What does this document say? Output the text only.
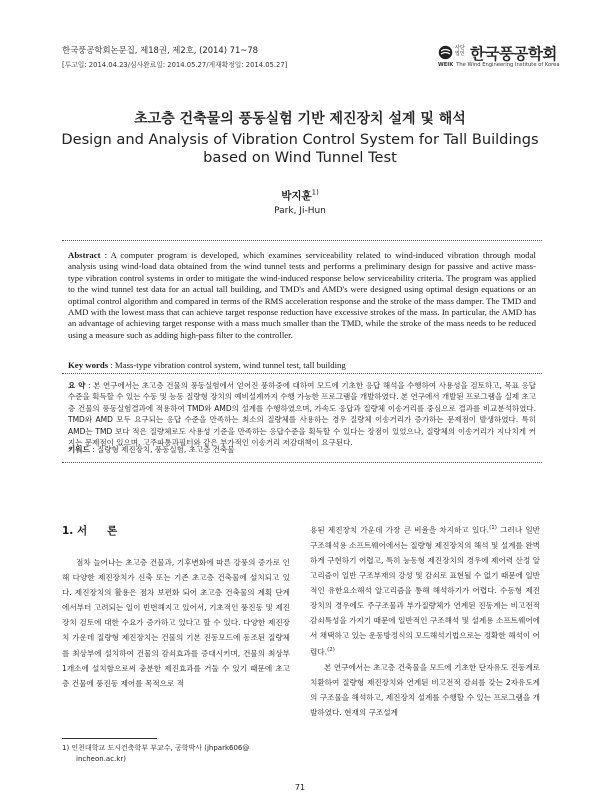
한국풍공학회논문집, 제18권, 제2호, (2014) 71~78
[투고일: 2014.04.23/심사완료일: 2014.05.27/게재확정일: 2014.05.27]
사단법인 한국풍공학회
WEIK The Wind Engineering Institute of Korea
초고층 건축물의 풍동실험 기반 제진장치 설계 및 해석
Design and Analysis of Vibration Control System for Tall Buildings based on Wind Tunnel Test
박지훈$^{1)}$
Park, Ji-Hun
Abstract : A computer program is developed, which examines serviceability related to wind-induced vibration through modal analysis using wind-load data obtained from the wind tunnel tests and performs a preliminary design for passive and active mass-type vibration control systems in order to mitigate the wind-induced response below serviceability criteria. The program was applied to the wind tunnel test data for an actual tall building, and TMD's and AMD's were designed using optimal design equations or an optimal control algorithm and compared in terms of the RMS acceleration response and the stroke of the mass damper. The TMD and AMD with the lowest mass that can achieve target response reduction have excessive strokes of the mass. In particular, the AMD has an advantage of achieving target response with a mass much smaller than the TMD, while the stroke of the mass needs to be reduced using a measure such as adding high-pass filter to the controller.
Key words : Mass-type vibration control system, wind tunnel test, tall building
요 약 : 본 연구에서는 초고층 건물의 풍동실험에서 얻어진 풍하중에 대하여 모드에 기초한 응답 해석을 수행하여 사용성을 검토하고, 목표 응답수준을 획득할 수 있는 수동 및 능동 질량형 장치의 예비설계까지 수행 가능한 프로그램을 개발하였다. 본 연구에서 개발된 프로그램을 실제 초고층 건물의 풍동실험결과에 적용하여 TMD와 AMD의 설계를 수행하였으며, 가속도 응답과 질량체 이송거리를 중심으로 결과를 비교분석하였다. TMD와 AMD 모두 요구되는 응답 수준을 만족하는 최소의 질량체를 사용하는 경우 질량체 이송거리가 증가하는 문제점이 발생하였다. 특히 AMD는 TMD 보다 적은 질량체로도 사용성 기준을 만족하는 응답수준을 획득할 수 있다는 장점이 있었으나, 질량체의 이송거리가 지나치게 커지는 문제점이 있으며, 고주파통과필터와 같은 부가적인 이송거리 저감대책이 요구된다.
키워드 : 질량형 제진장치, 풍동실험, 초고층 건축물
1. 서 론
점차 늘어나는 초고층 건물과, 기후변화에 따른 강풍의 증가로 인해 다양한 제진장치가 신축 또는 기존 초고층 건축물에 설치되고 있다. 제진장치의 활용은 점차 보편화 되어 초고층 건축물의 계획 단계에서부터 고려되는 일이 빈번해지고 있어서, 기초적인 풍진동 및 제진장치 검토에 대한 수요가 증가하고 있다고 할 수 있다. 다양한 제진장치 가운데 질량형 제진장치는 건물의 기본 진동모드에 동조된 질량체를 최상부에 설치하여 건물의 감쇠효과를 증대시키며, 건물의 최상부 1개소에 설치함으로써 충분한 제진효과를 거둘 수 있기 때문에 초고층 건물에 풍진동 제어를 목적으로 적

용된 제진장치 가운데 가장 큰 비율을 차지하고 있다.$^{(1)}$ 그러나 일반 구조해석용 소프트웨어에서는 질량형 제진장치의 해석 및 설계를 완벽하게 구현하기 어렵고, 특히 능동형 제진장치의 경우에 제어력 산정 알고리즘이 일반 구조부재의 강성 및 감쇠로 표현될 수 없기 때문에 일반적인 유한요소해석 알고리즘을 통해 해석하기가 어렵다. 수동형 제진장치의 경우에도 주구조물과 부가질량체가 연계된 진동계는 비고전적 감쇠특성을 가지기 때문에 일반적인 구조해석 및 설계용 소프트웨어에서 채택하고 있는 운동방정식의 모드해석기법으로는 정확한 해석이 어렵다.$^{(2)}$

본 연구에서는 초고층 건축물을 모드에 기초한 단자유도 진동계로 치환하여 질량형 제진장치와 연계된 비고전적 감쇠를 갖는 2자유도계의 구조물을 해석하고, 제진장치 설계를 수행할 수 있는 프로그램을 개발하였다. 현재의 구조설계

1) 인천대학교 도시건축학부 부교수, 공학박사 (jhpark606@
incheon.ac.kr)
71
